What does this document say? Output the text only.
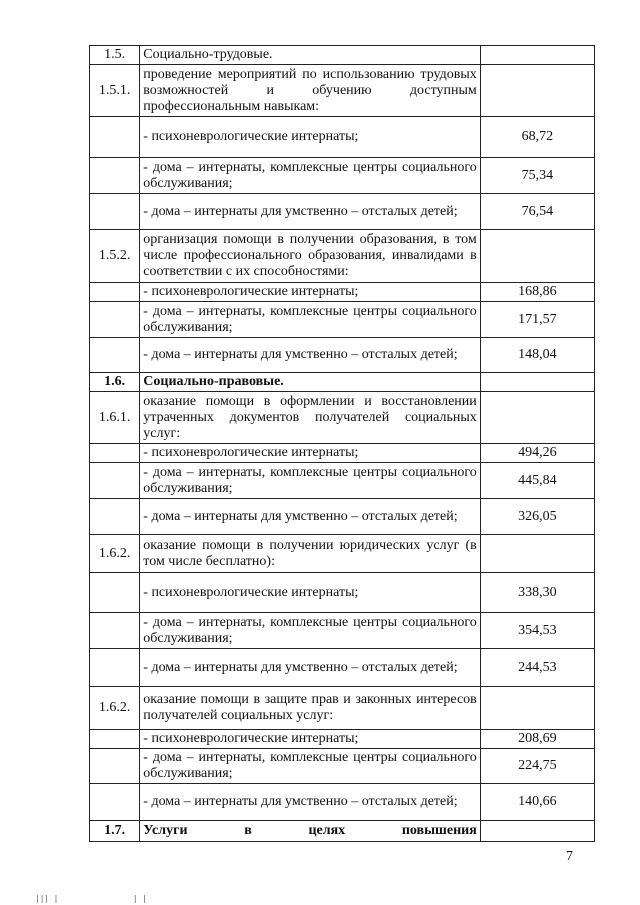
1.5.	Социально-трудовые.	
1.5.1.	проведение мероприятий по использованию трудовых возможностей и обучению доступным профессиональным навыкам:	
	- психоневрологические интернаты;	68,72
	- дома – интернаты, комплексные центры социального обслуживания;	75,34
	- дома – интернаты для умственно – отсталых детей;	76,54
1.5.2.	организация помощи в получении образования, в том числе профессионального образования, инвалидами в соответствии с их способностями:	
	- психоневрологические интернаты;	168,86
	- дома – интернаты, комплексные центры социального обслуживания;	171,57
	- дома – интернаты для умственно – отсталых детей;	148,04
1.6.	Социально-правовые.	
1.6.1.	оказание помощи в оформлении и восстановлении утраченных документов получателей социальных услуг:	
	- психоневрологические интернаты;	494,26
	- дома – интернаты, комплексные центры социального обслуживания;	445,84
	- дома – интернаты для умственно – отсталых детей;	326,05
1.6.2.	оказание помощи в получении юридических услуг (в том числе бесплатно):	
	- психоневрологические интернаты;	338,30
	- дома – интернаты, комплексные центры социального обслуживания;	354,53
	- дома – интернаты для умственно – отсталых детей;	244,53
1.6.2.	оказание помощи в защите прав и законных интересов получателей социальных услуг:	
	- психоневрологические интернаты;	208,69
	- дома – интернаты, комплексные центры социального обслуживания;	224,75
	- дома – интернаты для умственно – отсталых детей;	140,66
1.7.	Услуги в целях повышения	
7
||| |	| |
